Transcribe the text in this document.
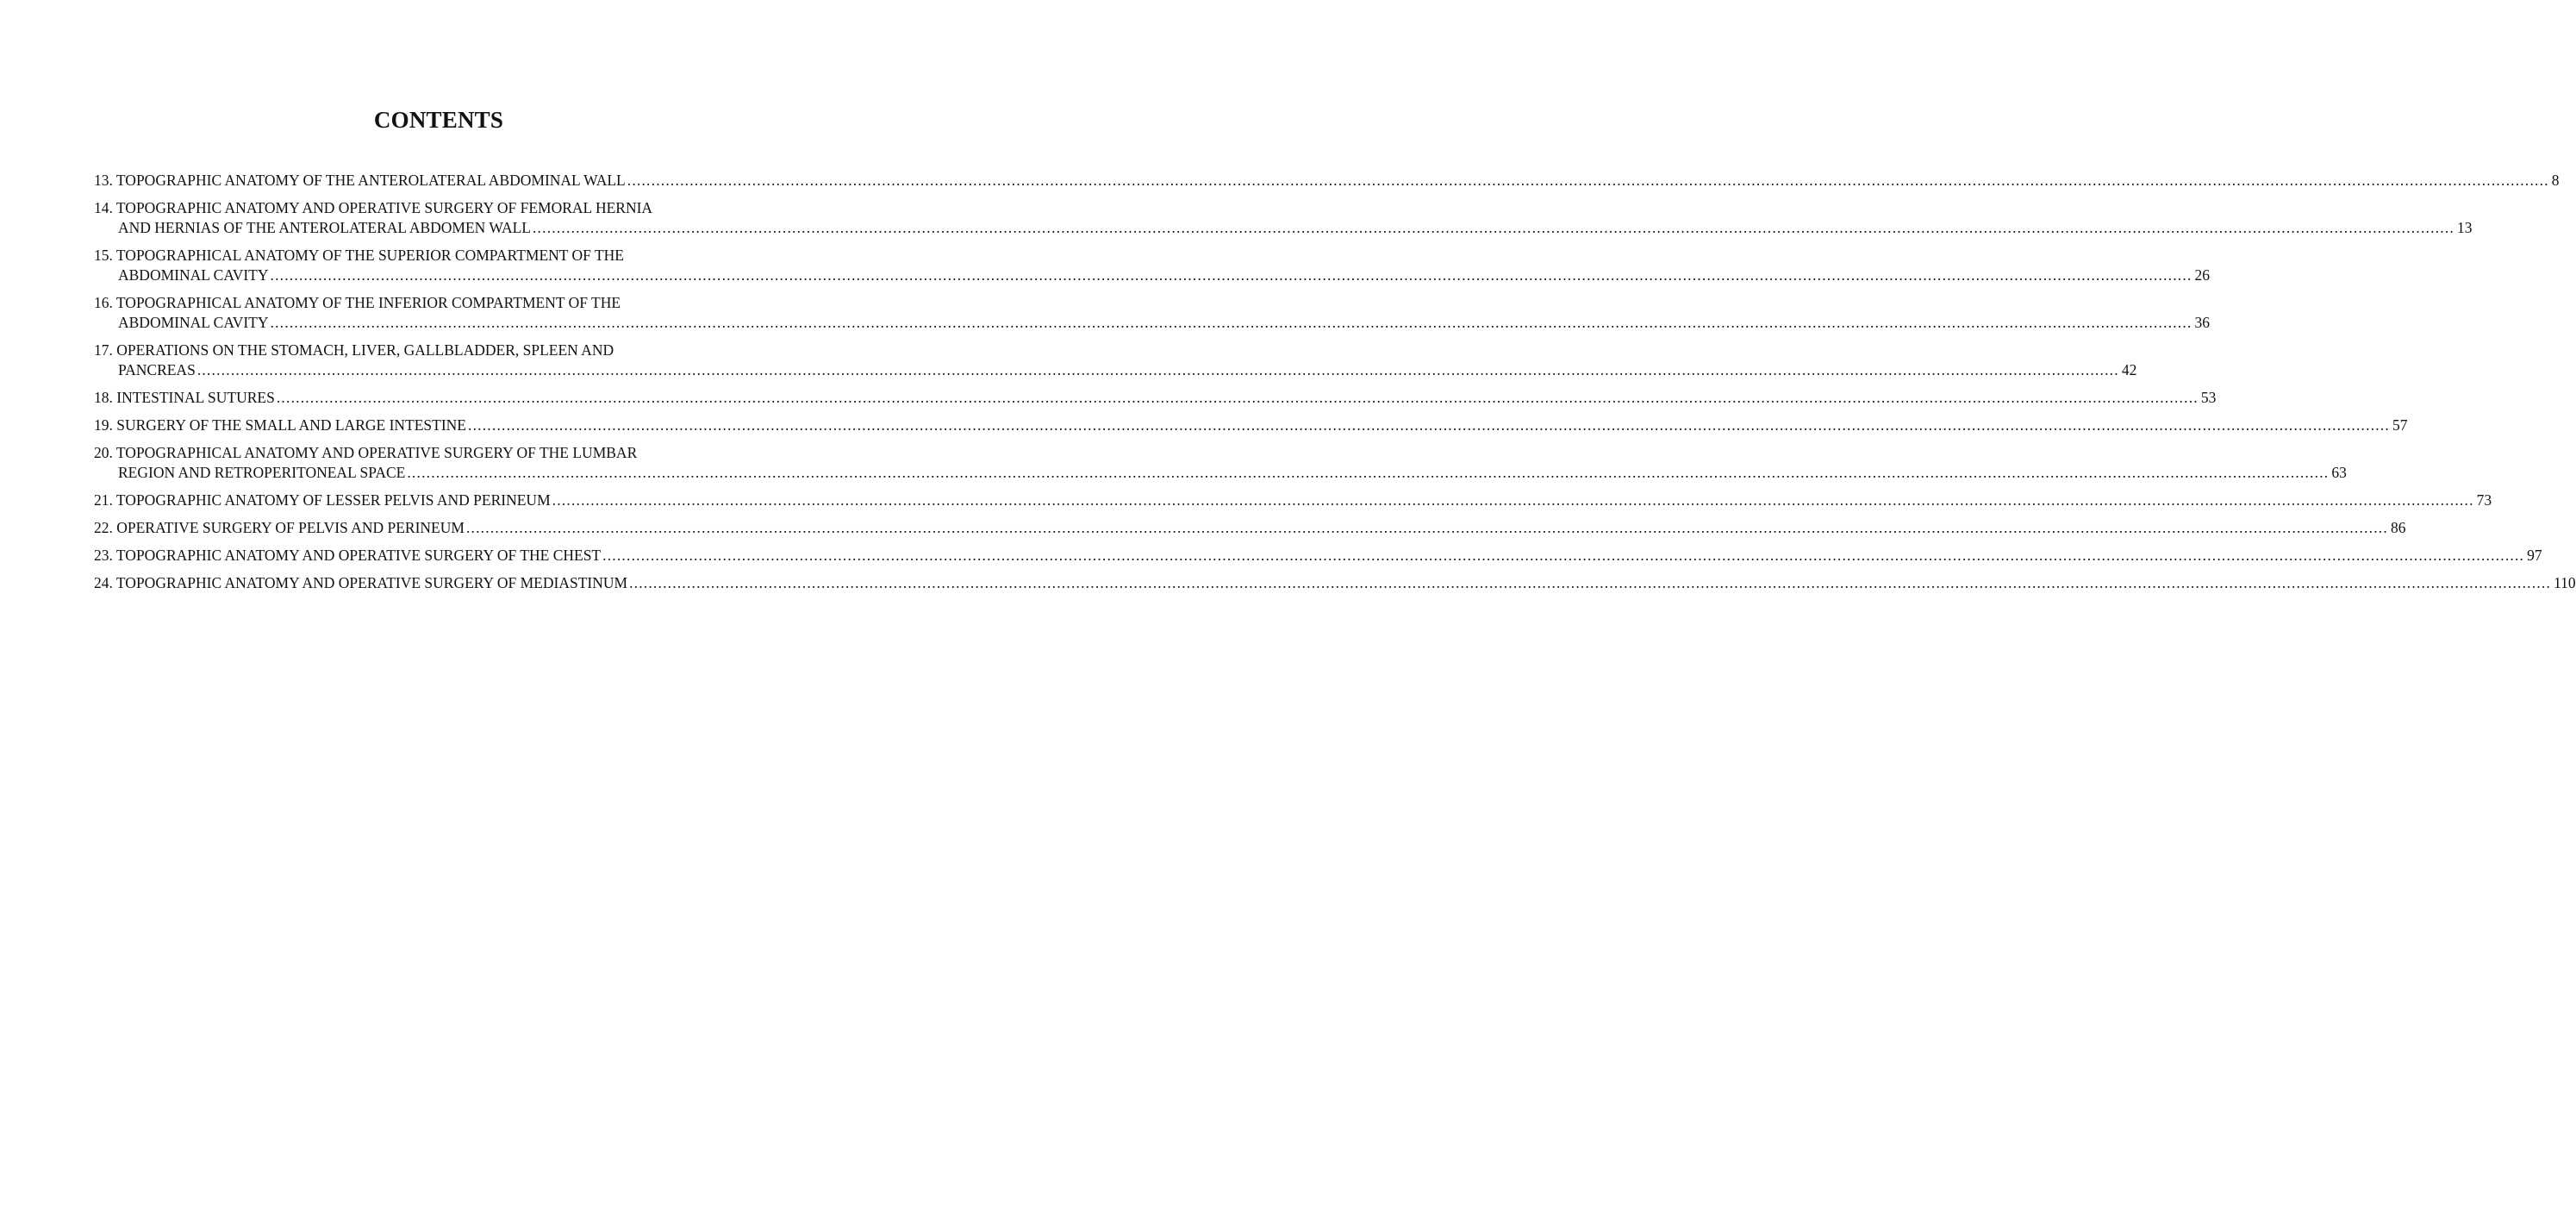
CONTENTS
13. TOPOGRAPHIC ANATOMY OF THE ANTEROLATERAL ABDOMINAL WALL ................................................................................................................................................................................................................................................................................................................................................................................................................ 8
14. TOPOGRAPHIC ANATOMY AND OPERATIVE SURGERY OF FEMORAL HERNIA
AND HERNIAS OF THE ANTEROLATERAL ABDOMEN WALL ................................................................................................................................................................................................................................................................................................................................................................................................................ 13
15. TOPOGRAPHICAL ANATOMY OF THE SUPERIOR COMPARTMENT OF THE
ABDOMINAL CAVITY ................................................................................................................................................................................................................................................................................................................................................................................................................ 26
16. TOPOGRAPHICAL ANATOMY OF THE INFERIOR COMPARTMENT OF THE
ABDOMINAL CAVITY ................................................................................................................................................................................................................................................................................................................................................................................................................ 36
17. OPERATIONS ON THE STOMACH, LIVER, GALLBLADDER, SPLEEN AND
PANCREAS ................................................................................................................................................................................................................................................................................................................................................................................................................ 42
18. INTESTINAL SUTURES ................................................................................................................................................................................................................................................................................................................................................................................................................ 53
19. SURGERY OF THE SMALL AND LARGE INTESTINE ................................................................................................................................................................................................................................................................................................................................................................................................................ 57
20. TOPOGRAPHICAL ANATOMY AND OPERATIVE SURGERY OF THE LUMBAR
REGION AND RETROPERITONEAL SPACE ................................................................................................................................................................................................................................................................................................................................................................................................................ 63
21. TOPOGRAPHIC ANATOMY OF LESSER PELVIS AND PERINEUM ................................................................................................................................................................................................................................................................................................................................................................................................................ 73
22. OPERATIVE SURGERY OF PELVIS AND PERINEUM ................................................................................................................................................................................................................................................................................................................................................................................................................ 86
23. TOPOGRAPHIC ANATOMY AND OPERATIVE SURGERY OF THE CHEST ................................................................................................................................................................................................................................................................................................................................................................................................................ 97
24. TOPOGRAPHIC ANATOMY AND OPERATIVE SURGERY OF MEDIASTINUM ................................................................................................................................................................................................................................................................................................................................................................................................................ 110
